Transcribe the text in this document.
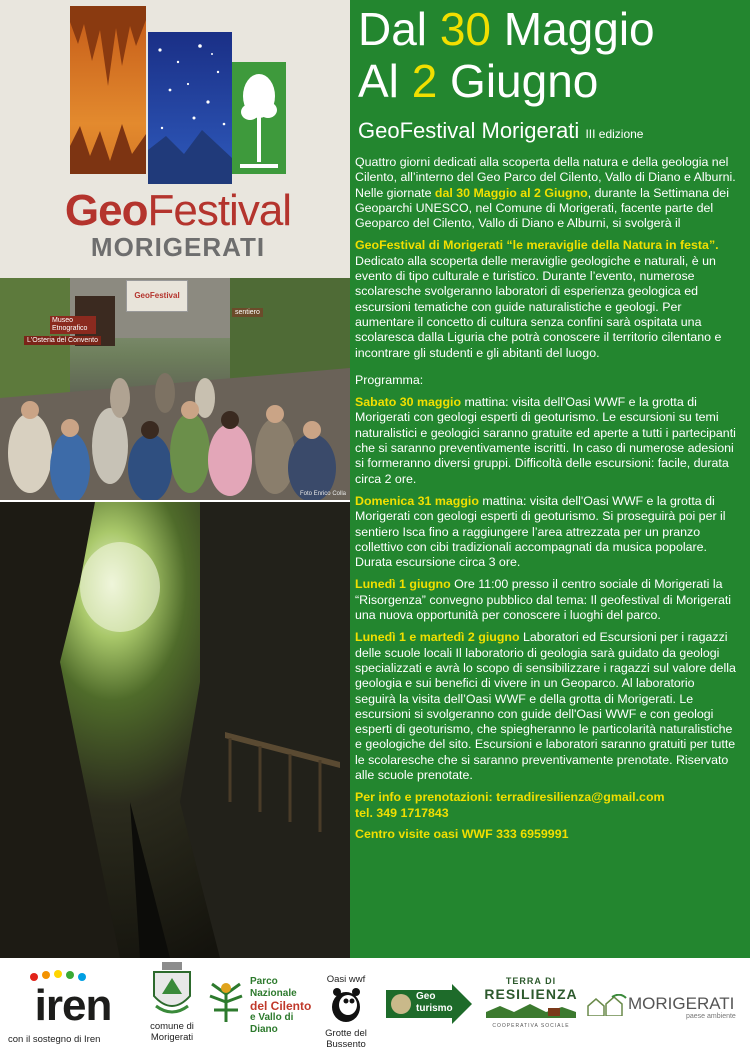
GeoFestival
MORIGERATI
Museo Etnografico
L'Osteria del Convento
GeoFestival
sentiero
Foto Enrico Colla
Dal 30 Maggio
Al 2 Giugno
GeoFestival Morigerati III edizione

Quattro giorni dedicati alla scoperta della natura e della geologia nel Cilento, all’interno del Geo Parco del Cilento, Vallo di Diano e Alburni. Nelle giornate dal 30 Maggio al 2 Giugno, durante la Settimana dei Geoparchi UNESCO, nel Comune di Morigerati, facente parte del Geoparco del Cilento, Vallo di Diano e Alburni, si svolgerà il

GeoFestival di Morigerati “le meraviglie della Natura in festa”.

Dedicato alla scoperta delle meraviglie geologiche e naturali, è un evento di tipo culturale e turistico. Durante l’evento, numerose scolaresche svolgeranno laboratori di esperienza geologica ed escursioni tematiche con guide naturalistiche e geologi. Per aumentare il concetto di cultura senza confini sarà ospitata una scolaresca dalla Liguria che potrà conoscere il territorio cilentano e incontrare gli studenti e gli abitanti del luogo.

Programma:

Sabato 30 maggio mattina: visita dell'Oasi WWF e la grotta di Morigerati con geologi esperti di geoturismo. Le escursioni su temi naturalistici e geologici saranno gratuite ed aperte a tutti i partecipanti che si saranno preventivamente iscritti. In caso di numerose adesioni si formeranno diversi gruppi. Difficoltà delle escursioni: facile, durata circa 2 ore.

Domenica 31 maggio mattina: visita dell'Oasi WWF e la grotta di Morigerati con geologi esperti di geoturismo. Si proseguirà poi per il sentiero Isca fino a raggiungere l’area attrezzata per un pranzo collettivo con cibi tradizionali accompagnati da musica popolare. Durata escursione circa 3 ore.

Lunedì 1 giugno Ore 11:00 presso il centro sociale di Morigerati la “Risorgenza” convegno pubblico dal tema: Il geofestival di Morigerati una nuova opportunità per conoscere i luoghi del parco.

Lunedì 1 e martedì 2 giugno Laboratori ed Escursioni per i ragazzi delle scuole locali Il laboratorio di geologia sarà guidato da geologi specializzati e avrà lo scopo di sensibilizzare i ragazzi sul valore della geologia e sui benefici di vivere in un Geoparco. Al laboratorio seguirà la visita dell’Oasi WWF e della grotta di Morigerati. Le escursioni si svolgeranno con guide dell'Oasi WWF e con geologi esperti di geoturismo, che spiegheranno le particolarità naturalistiche e geologiche del sito. Escursioni e laboratori saranno gratuiti per tutte le scolaresche che si saranno preventivamente prenotate. Riservato alle scuole prenotate.

Per info e prenotazioni: terradiresilienza@gmail.com
tel. 349 1717843

Centro visite oasi WWF 333 6959991

iren
con il sostegno di Iren
comune di
Morigerati
Parco Nazionale
del Cilento
e Vallo di Diano
Oasi wwf
Grotte del
Bussento
Geo
turismo
TERRA DI
RESILIENZA
COOPERATIVA SOCIALE
MORIGERATI
paese ambiente
